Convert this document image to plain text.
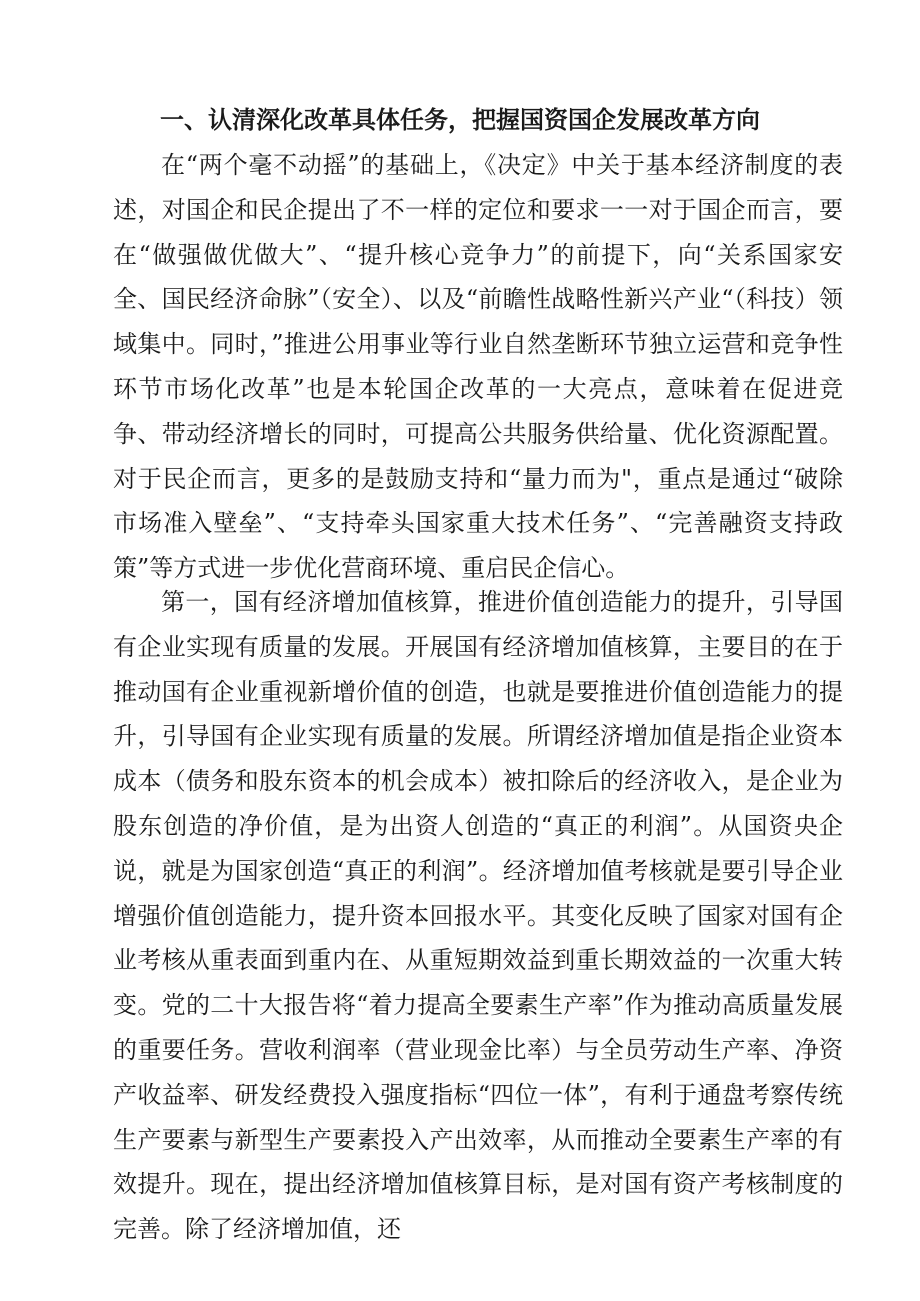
一、认清深化改革具体任务，把握国资国企发展改革方向

在“两个毫不动摇”的基础上，《决定》中关于基本经济制度的表述，对国企和民企提出了不一样的定位和要求一一对于国企而言，要在“做强做优做大”、“提升核心竞争力”的前提下，向“关系国家安全、国民经济命脉”（安全）、以及“前瞻性战略性新兴产业“（科技）领域集中。同时，”推进公用事业等行业自然垄断环节独立运营和竞争性环节市场化改革”也是本轮国企改革的一大亮点，意味着在促进竞争、带动经济增长的同时，可提高公共服务供给量、优化资源配置。对于民企而言，更多的是鼓励支持和“量力而为"，重点是通过“破除市场准入壁垒”、“支持牵头国家重大技术任务”、“完善融资支持政策”等方式进一步优化营商环境、重启民企信心。

第一，国有经济增加值核算，推进价值创造能力的提升，引导国有企业实现有质量的发展。开展国有经济增加值核算，主要目的在于推动国有企业重视新增价值的创造，也就是要推进价值创造能力的提升，引导国有企业实现有质量的发展。所谓经济增加值是指企业资本成本（债务和股东资本的机会成本）被扣除后的经济收入，是企业为股东创造的净价值，是为出资人创造的“真正的利润”。从国资央企说，就是为国家创造“真正的利润”。经济增加值考核就是要引导企业增强价值创造能力，提升资本回报水平。其变化反映了国家对国有企业考核从重表面到重内在、从重短期效益到重长期效益的一次重大转变。党的二十大报告将“着力提高全要素生产率”作为推动高质量发展的重要任务。营收利润率（营业现金比率）与全员劳动生产率、净资产收益率、研发经费投入强度指标“四位一体”，有利于通盘考察传统生产要素与新型生产要素投入产出效率，从而推动全要素生产率的有效提升。现在，提出经济增加值核算目标，是对国有资产考核制度的完善。除了经济增加值，还
